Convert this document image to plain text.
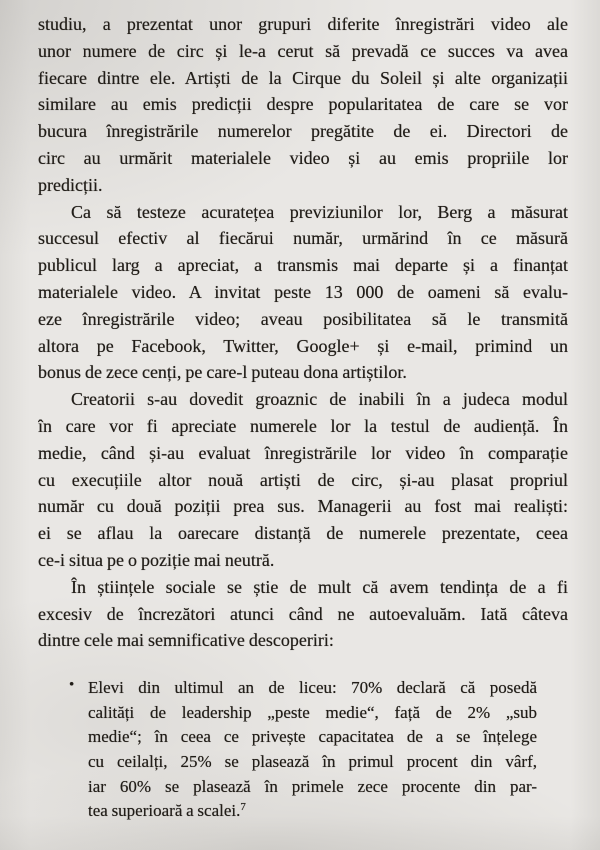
studiu, a prezentat unor grupuri diferite înregistrări video ale
unor numere de circ și le-a cerut să prevadă ce succes va avea
fiecare dintre ele. Artiști de la Cirque du Soleil și alte organizații
similare au emis predicții despre popularitatea de care se vor
bucura înregistrările numerelor pregătite de ei. Directori de
circ au urmărit materialele video și au emis propriile lor
predicții.
Ca să testeze acuratețea previziunilor lor, Berg a măsurat
succesul efectiv al fiecărui număr, urmărind în ce măsură
publicul larg a apreciat, a transmis mai departe și a finanțat
materialele video. A invitat peste 13 000 de oameni să evalu-
eze înregistrările video; aveau posibilitatea să le transmită
altora pe Facebook, Twitter, Google+ și e-mail, primind un
bonus de zece cenți, pe care-l puteau dona artiștilor.
Creatorii s-au dovedit groaznic de inabili în a judeca modul
în care vor fi apreciate numerele lor la testul de audiență. În
medie, când și-au evaluat înregistrările lor video în comparație
cu execuțiile altor nouă artiști de circ, și-au plasat propriul
număr cu două poziții prea sus. Managerii au fost mai realiști:
ei se aflau la oarecare distanță de numerele prezentate, ceea
ce-i situa pe o poziție mai neutră.
În științele sociale se știe de mult că avem tendința de a fi
excesiv de încrezători atunci când ne autoevaluăm. Iată câteva
dintre cele mai semnificative descoperiri:
• Elevi din ultimul an de liceu: 70% declară că posedă
calități de leadership „peste medie“, față de 2% „sub
medie“; în ceea ce privește capacitatea de a se înțelege
cu ceilalți, 25% se plasează în primul procent din vârf,
iar 60% se plasează în primele zece procente din par-
tea superioară a scalei.$^7$
